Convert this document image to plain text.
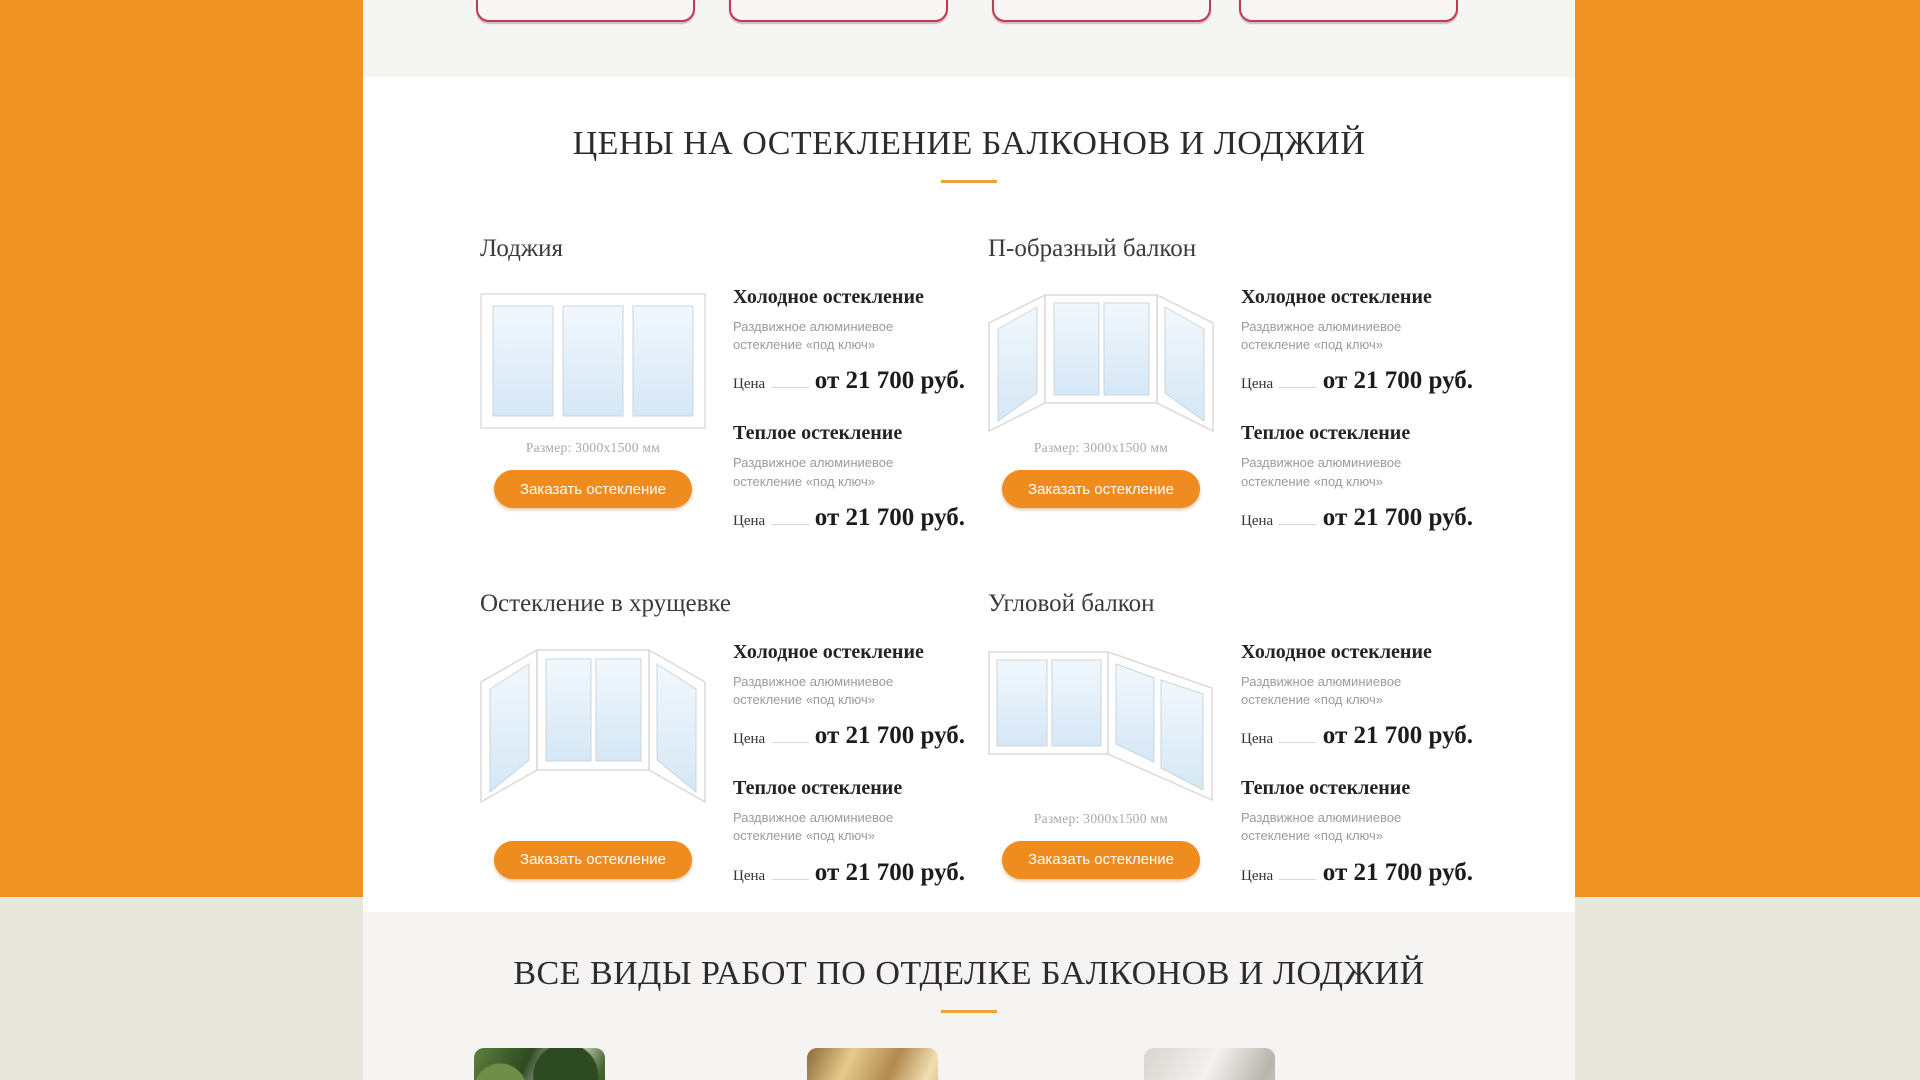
ЦЕНЫ НА ОСТЕКЛЕНИЕ БАЛКОНОВ И ЛОДЖИЙ
Лоджия
Размер: 3000x1500 мм
Заказать остекление
Холодное остекление
Раздвижное алюминиевое остекление «под ключ»
Цена от 21 700 руб.
Теплое остекление
Раздвижное алюминиевое остекление «под ключ»
Цена от 21 700 руб.
П-образный балкон
Размер: 3000x1500 мм
Заказать остекление
Холодное остекление
Раздвижное алюминиевое остекление «под ключ»
Цена от 21 700 руб.
Теплое остекление
Раздвижное алюминиевое остекление «под ключ»
Цена от 21 700 руб.
Остекление в хрущевке
Заказать остекление
Холодное остекление
Раздвижное алюминиевое остекление «под ключ»
Цена от 21 700 руб.
Теплое остекление
Раздвижное алюминиевое остекление «под ключ»
Цена от 21 700 руб.
Угловой балкон
Размер: 3000x1500 мм
Заказать остекление
Холодное остекление
Раздвижное алюминиевое остекление «под ключ»
Цена от 21 700 руб.
Теплое остекление
Раздвижное алюминиевое остекление «под ключ»
Цена от 21 700 руб.
ВСЕ ВИДЫ РАБОТ ПО ОТДЕЛКЕ БАЛКОНОВ И ЛОДЖИЙ
